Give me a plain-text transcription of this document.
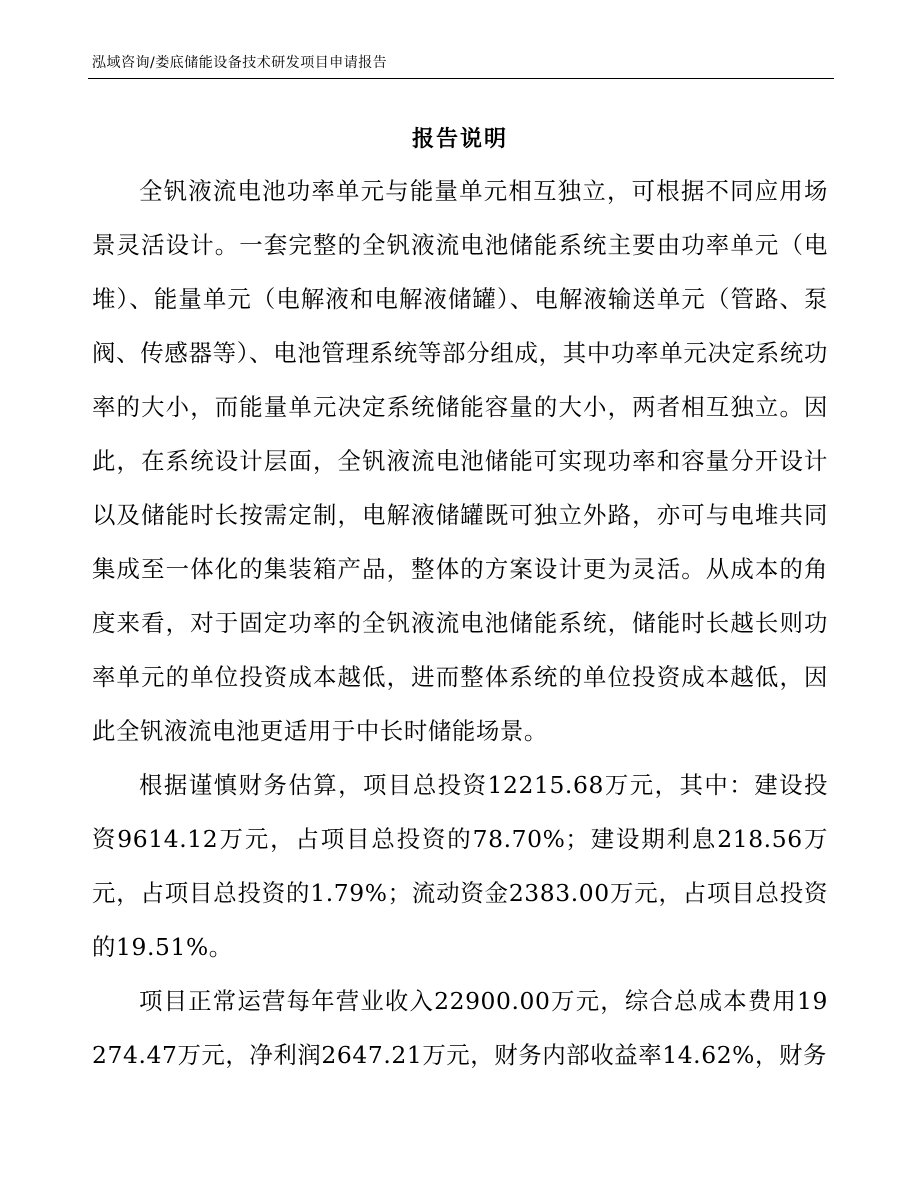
泓域咨询/娄底储能设备技术研发项目申请报告
报告说明

全钒液流电池功率单元与能量单元相互独立，可根据不同应用场景灵活设计。一套完整的全钒液流电池储能系统主要由功率单元（电堆）、能量单元（电解液和电解液储罐）、电解液输送单元（管路、泵阀、传感器等）、电池管理系统等部分组成，其中功率单元决定系统功率的大小，而能量单元决定系统储能容量的大小，两者相互独立。因此，在系统设计层面，全钒液流电池储能可实现功率和容量分开设计以及储能时长按需定制，电解液储罐既可独立外路，亦可与电堆共同集成至一体化的集装箱产品，整体的方案设计更为灵活。从成本的角度来看，对于固定功率的全钒液流电池储能系统，储能时长越长则功率单元的单位投资成本越低，进而整体系统的单位投资成本越低，因此全钒液流电池更适用于中长时储能场景。

根据谨慎财务估算，项目总投资12215.68万元，其中：建设投资9614.12万元，占项目总投资的78.70%；建设期利息218.56万元，占项目总投资的1.79%；流动资金2383.00万元，占项目总投资的19.51%。

项目正常运营每年营业收入22900.00万元，综合总成本费用19274.47万元，净利润2647.21万元，财务内部收益率14.62%，财务
